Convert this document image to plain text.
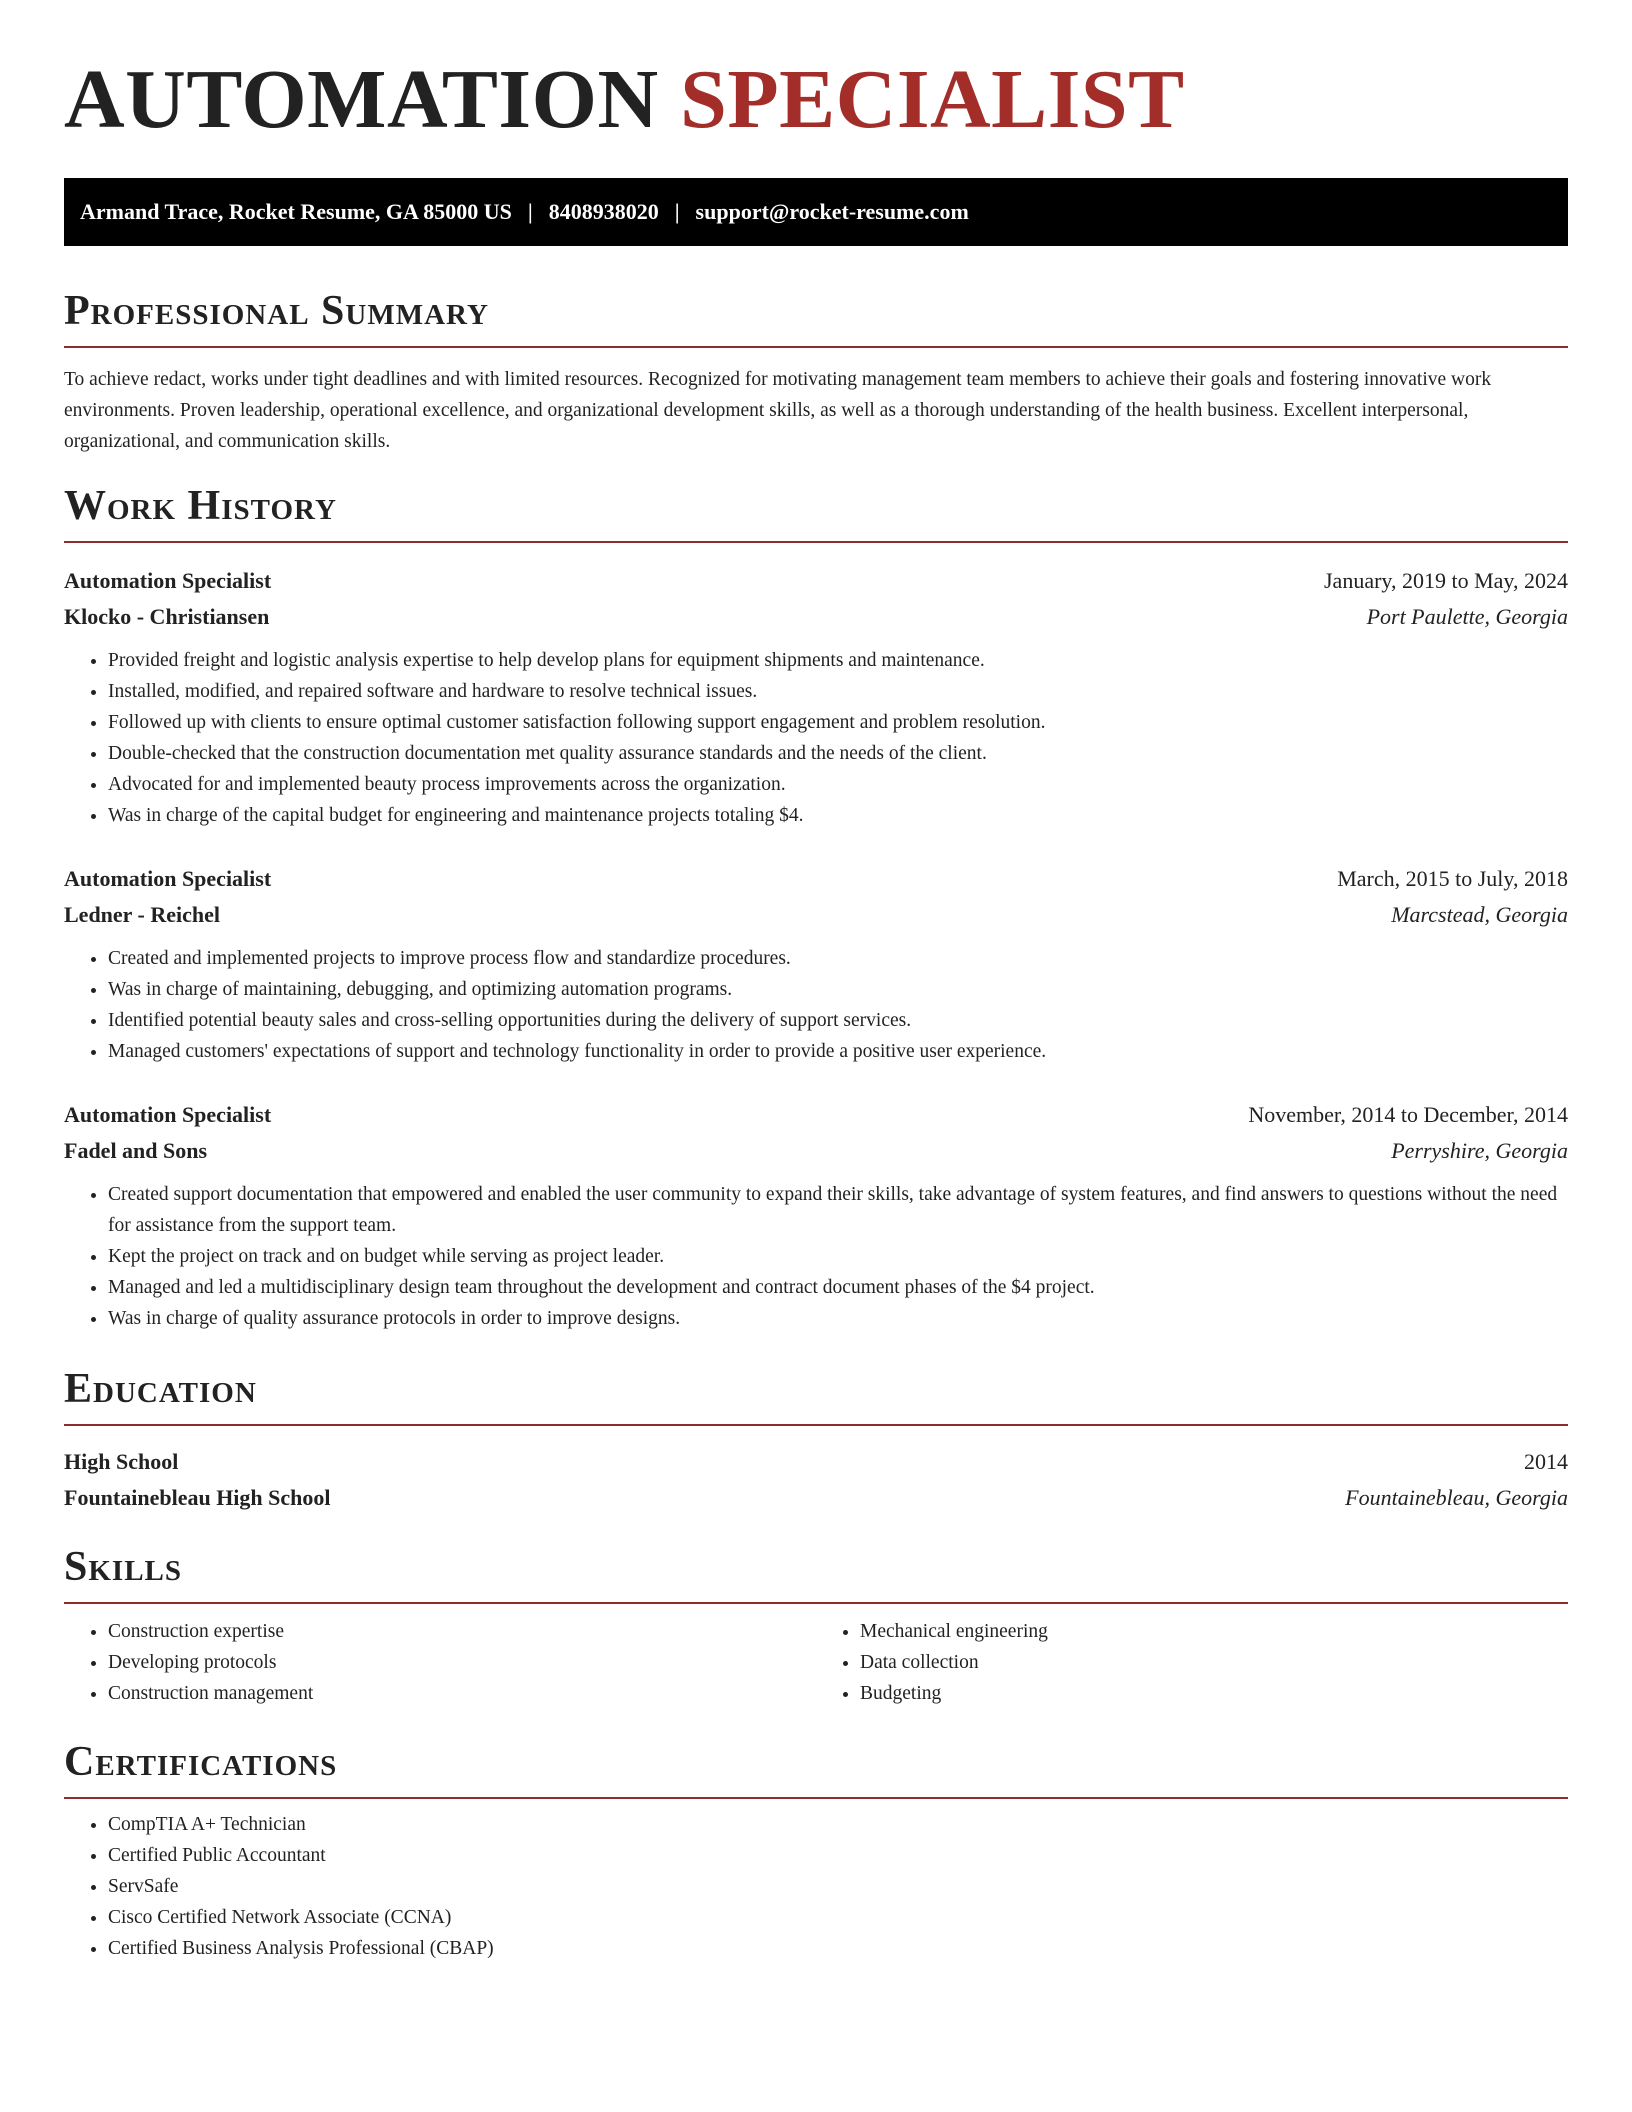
AUTOMATION SPECIALIST
Armand Trace, Rocket Resume, GA 85000 US | 8408938020 | support@rocket-resume.com
Professional Summary

To achieve redact, works under tight deadlines and with limited resources. Recognized for motivating management team members to achieve their goals and fostering innovative work environments. Proven leadership, operational excellence, and organizational development skills, as well as a thorough understanding of the health business. Excellent interpersonal, organizational, and communication skills.

Work History
Automation Specialist	January, 2019 to May, 2024
Klocko - Christiansen	Port Paulette, Georgia
• Provided freight and logistic analysis expertise to help develop plans for equipment shipments and maintenance.
• Installed, modified, and repaired software and hardware to resolve technical issues.
• Followed up with clients to ensure optimal customer satisfaction following support engagement and problem resolution.
• Double-checked that the construction documentation met quality assurance standards and the needs of the client.
• Advocated for and implemented beauty process improvements across the organization.
• Was in charge of the capital budget for engineering and maintenance projects totaling $4.
Automation Specialist	March, 2015 to July, 2018
Ledner - Reichel	Marcstead, Georgia
• Created and implemented projects to improve process flow and standardize procedures.
• Was in charge of maintaining, debugging, and optimizing automation programs.
• Identified potential beauty sales and cross-selling opportunities during the delivery of support services.
• Managed customers' expectations of support and technology functionality in order to provide a positive user experience.
Automation Specialist	November, 2014 to December, 2014
Fadel and Sons	Perryshire, Georgia
• Created support documentation that empowered and enabled the user community to expand their skills, take advantage of system features, and find answers to questions without the need for assistance from the support team.
• Kept the project on track and on budget while serving as project leader.
• Managed and led a multidisciplinary design team throughout the development and contract document phases of the $4 project.
• Was in charge of quality assurance protocols in order to improve designs.
Education
High School	2014
Fountainebleau High School	Fountainebleau, Georgia
Skills
• Construction expertise
• Developing protocols
• Construction management
• Mechanical engineering
• Data collection
• Budgeting
Certifications
• CompTIA A+ Technician
• Certified Public Accountant
• ServSafe
• Cisco Certified Network Associate (CCNA)
• Certified Business Analysis Professional (CBAP)
